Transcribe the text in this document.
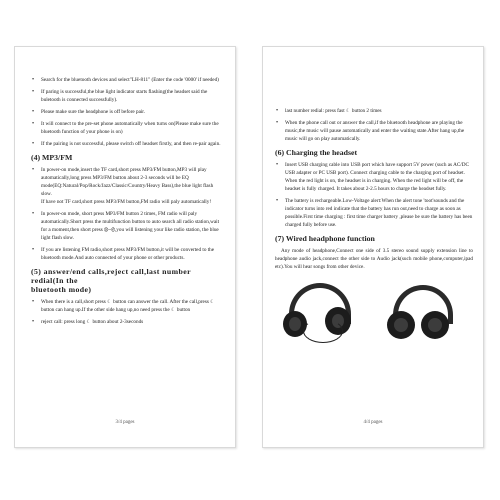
• Search for the bluetooth devices and select"LH-811" (Enter the code '0000' if needed)
• If paring is successful,the blue light indicator starts flashing(the headset said the buletooth is connected successfully).
• Please make sure the headphone is off before pair.
• It will connect to the pre-set phone automatically when turns on(Please make sure the bluetooth function of your phone is on)
• If the pairing is not successful, please switch off headset firstly, and then re-pair again.
(4) MP3/FM
• In power-on mode,insert the TF card,short press MP3/FM button,MP3 will play automatically,long press MP3/FM button about 2-3 seconds will be EQ mode(EQ:Natural/Pop/Rock/Jazz/Classic/Country/Heavy Bass),the blue light flash slow.
If have not TF card,short press MP3/FM button,FM radio will paly automatically!
• In power-on mode, short press MP3/FM button 2 times, FM radio will paly automatically.Short press the multifunction button to auto search all radio station,wait for a moment,then short press ⦻–⦼,you will listening your like radio station, the blue light flash slow.
• If you are listening FM radio,short press MP3/FM button,it will be converted to the bluetooth mode.And auto connected of your phone or other products.
(5) answer/end calls,reject call,last number redial(In the
bluetooth mode)
• When there is a call,short press ☾ button can answer the call. After the call,press ☾ button can hang up.If the other side hang up,no need press the ☾ button
• reject call: press long ☾ button about 2-3seconds
3/4 pages
• last number redial: press fast ☾ button 2 times
• When the phone call out or answer the call,if the bluetooth headphone are playing the music,the music will pause automatically and enter the waiting state.After hang up,the music will go on play automatically.
(6) Charging the headset
• Insert USB charging cable into USB port which have support 5V power (such as AC/DC USB adapter or PC USB port). Connect charging cable to the charging port of headset. When the red light is on, the headset is in charging. When the red light will be off, the headset is fully charged. It takes about 2-2.5 hours to charge the headset fully.
• The battery is rechargeable.Low-Voltage alert:When the alert tone 'toot'sounds and the indicator turns into red indicate that the battery has run out,need to charge as soon as possible.First time charging : first time charger battery ,please be sure the battery has been charged fully before use.
(7) Wired headphone function

Any mode of headphone,Connect one side of 3.5 stereo sound supply extension line to headphone audio jack,connect the other side to Audio jack(such mobile phone,computer,ipad etc).You will hear songs from other device.

4/4 pages
